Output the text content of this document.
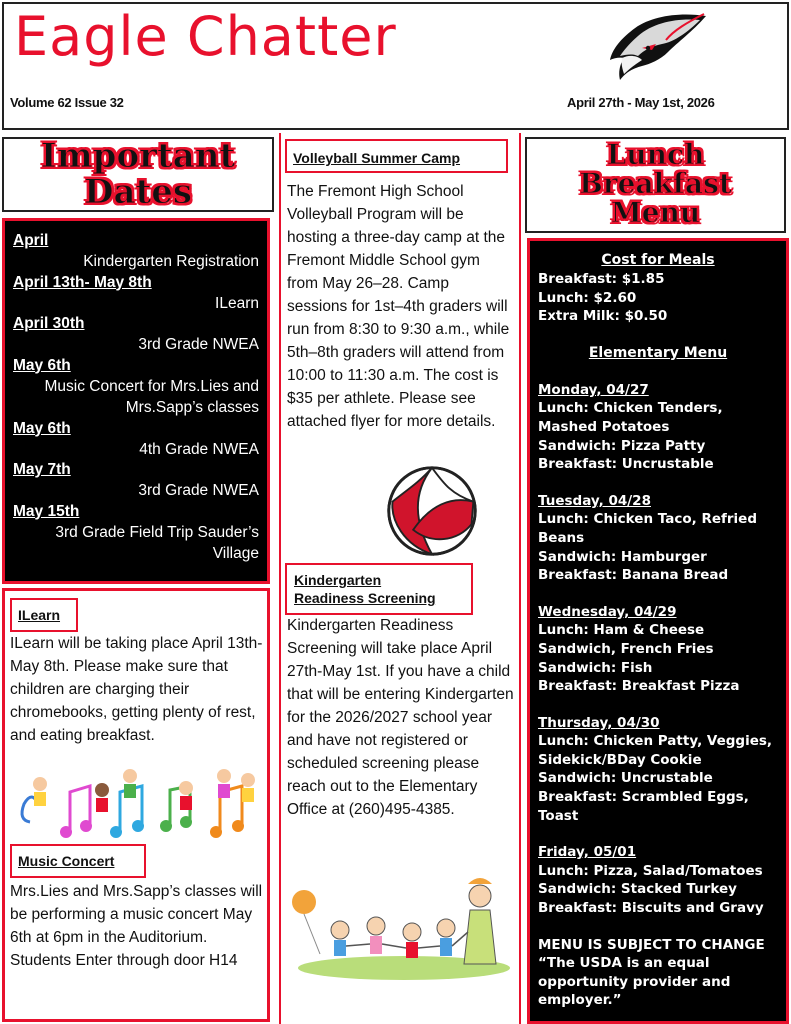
Eagle Chatter
Volume 62 Issue 32	April 27th - May 1st, 2026
Important
Dates
April
Kindergarten Registration
April 13th- May 8th
ILearn
April 30th
3rd Grade NWEA
May 6th
Music Concert for Mrs.Lies and Mrs.Sapp’s classes
May 6th
4th Grade NWEA
May 7th
3rd Grade NWEA
May 15th
3rd Grade Field Trip Sauder’s Village
ILearn
ILearn will be taking place April 13th-May 8th. Please make sure that children are charging their chromebooks, getting plenty of rest, and eating breakfast.
Music Concert
Mrs.Lies and Mrs.Sapp’s classes will be performing a music concert May 6th at 6pm in the Auditorium. Students Enter through door H14
Volleyball Summer Camp
The Fremont High School Volleyball Program will be hosting a three-day camp at the Fremont Middle School gym from May 26–28. Camp sessions for 1st–4th graders will run from 8:30 to 9:30 a.m., while 5th–8th graders will attend from 10:00 to 11:30 a.m. The cost is $35 per athlete. Please see attached flyer for more details.
Kindergarten
Readiness Screening
Kindergarten Readiness Screening will take place April 27th-May 1st. If you have a child that will be entering Kindergarten for the 2026/2027 school year and have not registered or scheduled screening please reach out to the Elementary Office at (260)495-4385.
Lunch
Breakfast
Menu
Cost for Meals
Breakfast: $1.85
Lunch: $2.60
Extra Milk: $0.50
Elementary Menu
Monday, 04/27
Lunch: Chicken Tenders, Mashed Potatoes
Sandwich: Pizza Patty
Breakfast: Uncrustable
Tuesday, 04/28
Lunch: Chicken Taco, Refried Beans
Sandwich: Hamburger
Breakfast: Banana Bread
Wednesday, 04/29
Lunch: Ham & Cheese Sandwich, French Fries
Sandwich: Fish
Breakfast: Breakfast Pizza
Thursday, 04/30
Lunch: Chicken Patty, Veggies, Sidekick/BDay Cookie
Sandwich: Uncrustable
Breakfast: Scrambled Eggs, Toast
Friday, 05/01
Lunch: Pizza, Salad/Tomatoes
Sandwich: Stacked Turkey
Breakfast: Biscuits and Gravy
MENU IS SUBJECT TO CHANGE
“The USDA is an equal opportunity provider and employer.”
